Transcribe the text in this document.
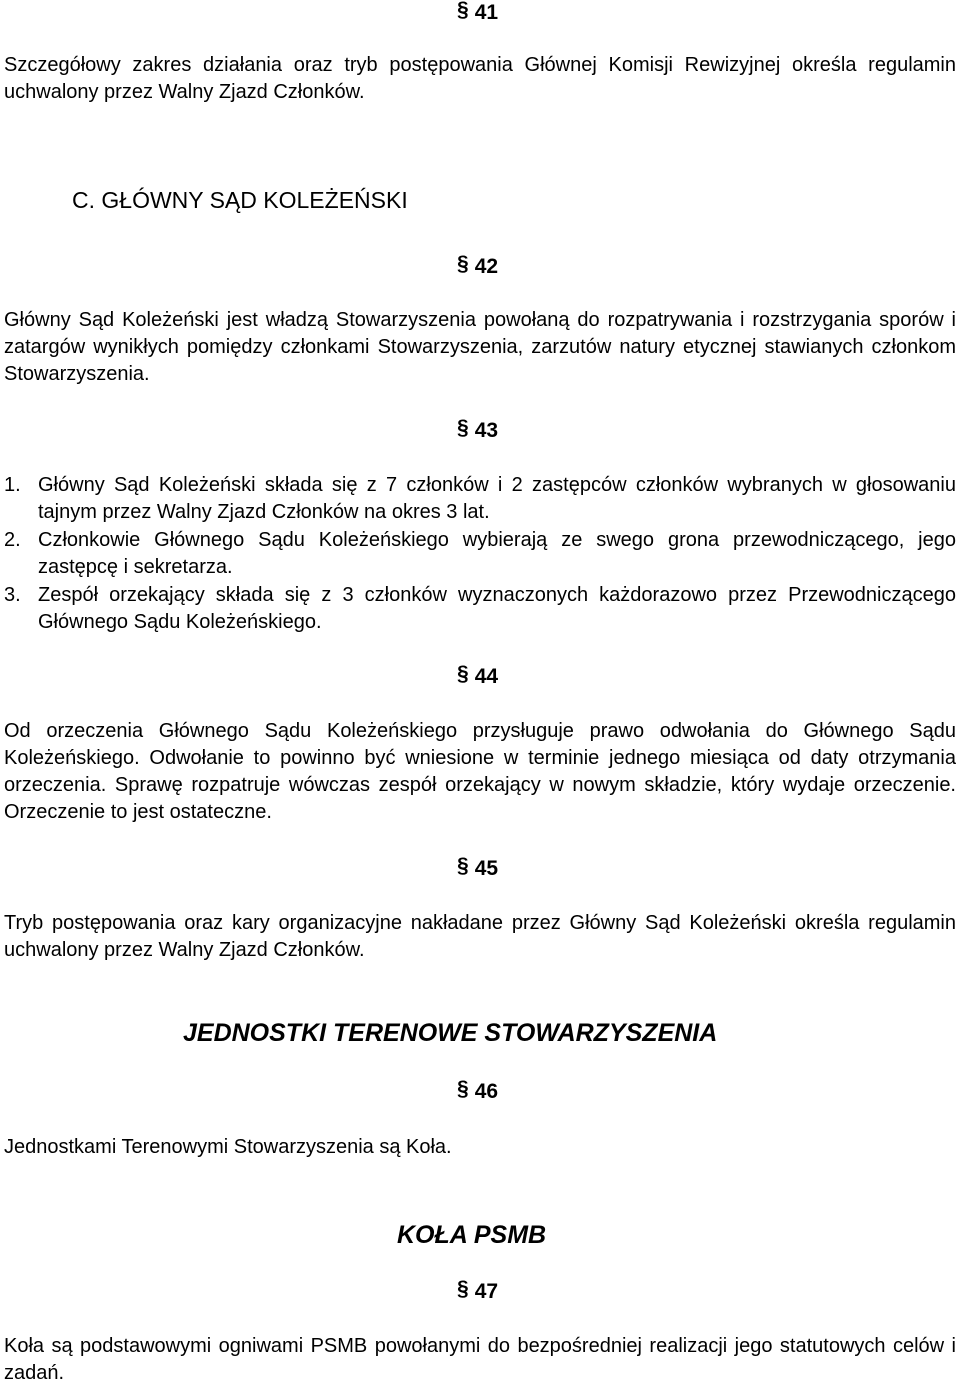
§ 41
Szczegółowy zakres działania oraz tryb postępowania Głównej Komisji Rewizyjnej określa regulamin uchwalony przez Walny Zjazd Członków.
C. GŁÓWNY SĄD KOLEŻEŃSKI
§ 42
Główny Sąd Koleżeński jest władzą Stowarzyszenia powołaną do rozpatrywania i rozstrzygania sporów i zatargów wynikłych pomiędzy członkami Stowarzyszenia, zarzutów natury etycznej stawianych członkom Stowarzyszenia.
§ 43
1. Główny Sąd Koleżeński składa się z 7 członków i 2 zastępców członków wybranych w głosowaniu tajnym przez Walny Zjazd Członków na okres 3 lat.
2. Członkowie Głównego Sądu Koleżeńskiego wybierają ze swego grona przewodniczącego, jego zastępcę i sekretarza.
3. Zespół orzekający składa się z 3 członków wyznaczonych każdorazowo przez Przewodniczącego Głównego Sądu Koleżeńskiego.
§ 44
Od orzeczenia Głównego Sądu Koleżeńskiego przysługuje prawo odwołania do Głównego Sądu Koleżeńskiego. Odwołanie to powinno być wniesione w terminie jednego miesiąca od daty otrzymania orzeczenia. Sprawę rozpatruje wówczas zespół orzekający w nowym składzie, który wydaje orzeczenie. Orzeczenie to jest ostateczne.
§ 45
Tryb postępowania oraz kary organizacyjne nakładane przez Główny Sąd Koleżeński określa regulamin uchwalony przez Walny Zjazd Członków.
JEDNOSTKI TERENOWE STOWARZYSZENIA
§ 46
Jednostkami Terenowymi Stowarzyszenia są Koła.
KOŁA PSMB
§ 47
Koła są podstawowymi ogniwami PSMB powołanymi do bezpośredniej realizacji jego statutowych celów i zadań.
